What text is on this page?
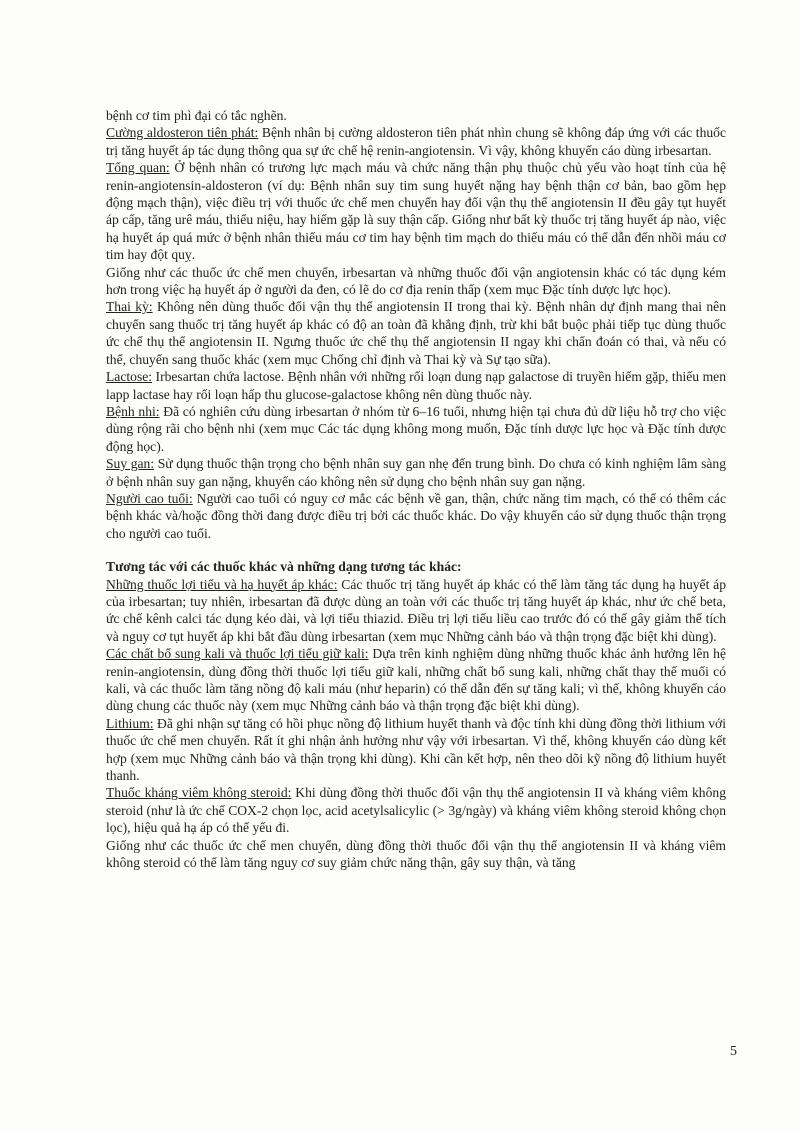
bệnh cơ tim phì đại có tắc nghẽn.

Cường aldosteron tiên phát: Bệnh nhân bị cường aldosteron tiên phát nhìn chung sẽ không đáp ứng với các thuốc trị tăng huyết áp tác dụng thông qua sự ức chế hệ renin-angiotensin. Vì vậy, không khuyến cáo dùng irbesartan.

Tổng quan: Ở bệnh nhân có trương lực mạch máu và chức năng thận phụ thuộc chủ yếu vào hoạt tính của hệ renin-angiotensin-aldosteron (ví dụ: Bệnh nhân suy tim sung huyết nặng hay bệnh thận cơ bản, bao gồm hẹp động mạch thận), việc điều trị với thuốc ức chế men chuyển hay đối vận thụ thể angiotensin II đều gây tụt huyết áp cấp, tăng urê máu, thiểu niệu, hay hiếm gặp là suy thận cấp. Giống như bất kỳ thuốc trị tăng huyết áp nào, việc hạ huyết áp quá mức ở bệnh nhân thiếu máu cơ tim hay bệnh tim mạch do thiếu máu có thể dẫn đến nhồi máu cơ tim hay đột quỵ.

Giống như các thuốc ức chế men chuyển, irbesartan và những thuốc đối vận angiotensin khác có tác dụng kém hơn trong việc hạ huyết áp ở người da đen, có lẽ do cơ địa renin thấp (xem mục Đặc tính dược lực học).

Thai kỳ: Không nên dùng thuốc đối vận thụ thể angiotensin II trong thai kỳ. Bệnh nhân dự định mang thai nên chuyển sang thuốc trị tăng huyết áp khác có độ an toàn đã khẳng định, trừ khi bắt buộc phải tiếp tục dùng thuốc ức chế thụ thể angiotensin II. Ngưng thuốc ức chế thụ thể angiotensin II ngay khi chẩn đoán có thai, và nếu có thể, chuyển sang thuốc khác (xem mục Chống chỉ định và Thai kỳ và Sự tạo sữa).

Lactose: Irbesartan chứa lactose. Bệnh nhân với những rối loạn dung nạp galactose di truyền hiếm gặp, thiếu men lapp lactase hay rối loạn hấp thu glucose-galactose không nên dùng thuốc này.

Bệnh nhi: Đã có nghiên cứu dùng irbesartan ở nhóm từ 6–16 tuổi, nhưng hiện tại chưa đủ dữ liệu hỗ trợ cho việc dùng rộng rãi cho bệnh nhi (xem mục Các tác dụng không mong muốn, Đặc tính dược lực học và Đặc tính dược động học).

Suy gan: Sử dụng thuốc thận trọng cho bệnh nhân suy gan nhẹ đến trung bình. Do chưa có kinh nghiệm lâm sàng ở bệnh nhân suy gan nặng, khuyến cáo không nên sử dụng cho bệnh nhân suy gan nặng.

Người cao tuổi: Người cao tuổi có nguy cơ mắc các bệnh về gan, thận, chức năng tim mạch, có thể có thêm các bệnh khác và/hoặc đồng thời đang được điều trị bởi các thuốc khác. Do vậy khuyến cáo sử dụng thuốc thận trọng cho người cao tuổi.

Tương tác với các thuốc khác và những dạng tương tác khác:

Những thuốc lợi tiểu và hạ huyết áp khác: Các thuốc trị tăng huyết áp khác có thể làm tăng tác dụng hạ huyết áp của irbesartan; tuy nhiên, irbesartan đã được dùng an toàn với các thuốc trị tăng huyết áp khác, như ức chế beta, ức chế kênh calci tác dụng kéo dài, và lợi tiểu thiazid. Điều trị lợi tiểu liều cao trước đó có thể gây giảm thể tích và nguy cơ tụt huyết áp khi bắt đầu dùng irbesartan (xem mục Những cảnh báo và thận trọng đặc biệt khi dùng).

Các chất bổ sung kali và thuốc lợi tiểu giữ kali: Dựa trên kinh nghiệm dùng những thuốc khác ảnh hưởng lên hệ renin-angiotensin, dùng đồng thời thuốc lợi tiểu giữ kali, những chất bổ sung kali, những chất thay thế muối có kali, và các thuốc làm tăng nồng độ kali máu (như heparin) có thể dẫn đến sự tăng kali; vì thế, không khuyến cáo dùng chung các thuốc này (xem mục Những cảnh báo và thận trọng đặc biệt khi dùng).

Lithium: Đã ghi nhận sự tăng có hồi phục nồng độ lithium huyết thanh và độc tính khi dùng đồng thời lithium với thuốc ức chế men chuyển. Rất ít ghi nhận ảnh hưởng như vậy với irbesartan. Vì thế, không khuyến cáo dùng kết hợp (xem mục Những cảnh báo và thận trọng khi dùng). Khi cần kết hợp, nên theo dõi kỹ nồng độ lithium huyết thanh.

Thuốc kháng viêm không steroid: Khi dùng đồng thời thuốc đối vận thụ thể angiotensin II và kháng viêm không steroid (như là ức chế COX-2 chọn lọc, acid acetylsalicylic (> 3g/ngày) và kháng viêm không steroid không chọn lọc), hiệu quả hạ áp có thể yếu đi.

Giống như các thuốc ức chế men chuyển, dùng đồng thời thuốc đối vận thụ thể angiotensin II và kháng viêm không steroid có thể làm tăng nguy cơ suy giảm chức năng thận, gây suy thận, và tăng

5
